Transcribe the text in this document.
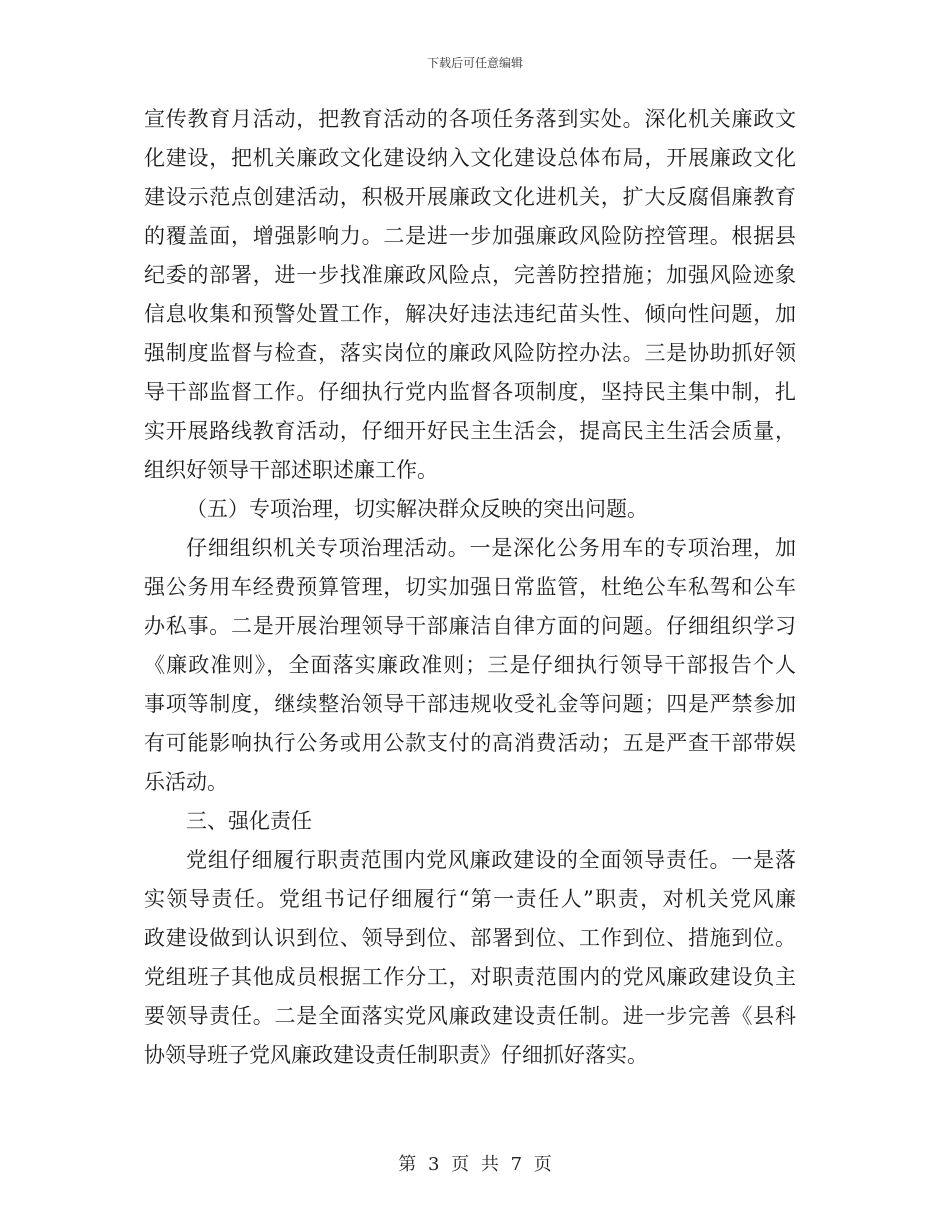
下载后可任意编辑
宣传教育月活动，把教育活动的各项任务落到实处。深化机关廉政文
化建设，把机关廉政文化建设纳入文化建设总体布局，开展廉政文化
建设示范点创建活动，积极开展廉政文化进机关，扩大反腐倡廉教育
的覆盖面，增强影响力。二是进一步加强廉政风险防控管理。根据县
纪委的部署，进一步找准廉政风险点，完善防控措施；加强风险迹象
信息收集和预警处置工作，解决好违法违纪苗头性、倾向性问题，加
强制度监督与检查，落实岗位的廉政风险防控办法。三是协助抓好领
导干部监督工作。仔细执行党内监督各项制度，坚持民主集中制，扎
实开展路线教育活动，仔细开好民主生活会，提高民主生活会质量，
组织好领导干部述职述廉工作。
（五）专项治理，切实解决群众反映的突出问题。
仔细组织机关专项治理活动。一是深化公务用车的专项治理，加
强公务用车经费预算管理，切实加强日常监管，杜绝公车私驾和公车
办私事。二是开展治理领导干部廉洁自律方面的问题。仔细组织学习
《廉政准则》，全面落实廉政准则；三是仔细执行领导干部报告个人
事项等制度，继续整治领导干部违规收受礼金等问题；四是严禁参加
有可能影响执行公务或用公款支付的高消费活动；五是严查干部带娱
乐活动。
三、强化责任
党组仔细履行职责范围内党风廉政建设的全面领导责任。一是落
实领导责任。党组书记仔细履行“第一责任人”职责，对机关党风廉
政建设做到认识到位、领导到位、部署到位、工作到位、措施到位。
党组班子其他成员根据工作分工，对职责范围内的党风廉政建设负主
要领导责任。二是全面落实党风廉政建设责任制。进一步完善《县科
协领导班子党风廉政建设责任制职责》仔细抓好落实。
第 3 页 共 7 页
